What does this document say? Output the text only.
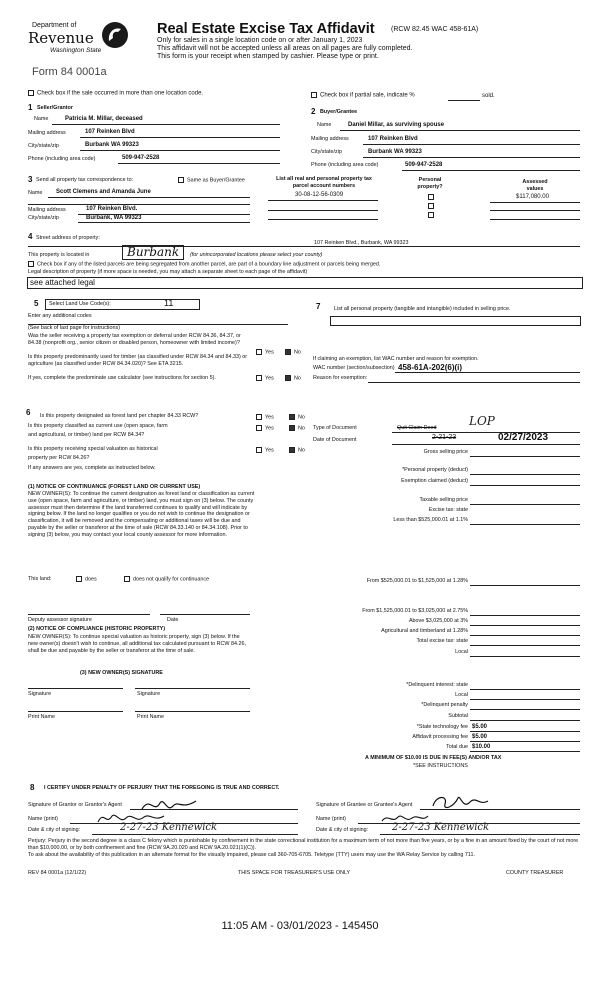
Department of
Revenue
Washington State
Form 84 0001a
Real Estate Excise Tax Affidavit (RCW 82.45 WAC 458-61A)
Only for sales in a single location code on or after January 1, 2023
This affidavit will not be accepted unless all areas on all pages are fully completed.
This form is your receipt when stamped by cashier. Please type or print.
Check box if the sale occurred in more than one location code.	Check box if partial sale, indicate %	sold.
1 Seller/Grantor
Name	Patricia M. Millar, deceased
Mailing address	107 Reinken Blvd
City/state/zip	Burbank WA 99323
Phone (including area code)	509-947-2528
2 Buyer/Grantee
Name	Daniel Millar, as surviving spouse
Mailing address	107 Reinken Blvd
City/state/zip	Burbank WA 99323
Phone (including area code)	509-947-2528
3 Send all property tax correspondence to:	Same as Buyer/Grantee
Name Scott Clemens and Amanda June
Mailing address	107 Reinken Blvd.
City/state/zip	Burbank, WA 99323
List all real and personal property tax
parcel account numbers
30-08-12-56-0309
Personal
property?
Assessed
values
$117,080.00
4 Street address of property:
107 Reinken Blvd., Burbank, WA 99323
This property is located in	Burbank	(for unincorporated locations please select your county)
Check box if any of the listed parcels are being segregated from another parcel, are part of a boundary line adjustment or parcels being merged.
Legal description of property (if more space is needed, you may attach a separate sheet to each page of the affidavit)
see attached legal
5	Select Land Use Code(s):	11
Enter any additional codes
(See back of last page for instructions)
Was the seller receiving a property tax exemption or deferral under RCW 84.36, 84.37, or 84.38 (nonprofit org., senior citizen or disabled person, homeowner with limited income)?
Is this property predominantly used for timber (as classified under RCW 84.34 and 84.33) or agriculture (as classified under RCW 84.34.020)? See ETA 3215.
If yes, complete the predominate use calculator (see instructions for section 5).
Yes	No
Yes	No
7	List all personal property (tangible and intangible) included in selling price.
If claiming an exemption, list WAC number and reason for exemption.
WAC number (section/subsection) 458-61A-202(6)(i)
Reason for exemption:
6 Is this property designated as forest land per chapter 84.33 RCW?
Is this property classified as current use (open space, farm
and agricultural, or timber) land per RCW 84.34?
Is this property receiving special valuation as historical
property per RCW 84.26?
If any answers are yes, complete as instructed below.
Yes	No
Yes	No
Yes	No
(1) NOTICE OF CONTINUANCE (FOREST LAND OR CURRENT USE)
NEW OWNER(S): To continue the current designation as forest land or classification as current use (open space, farm and agriculture, or timber) land, you must sign on (3) below. The county assessor must then determine if the land transferred continues to qualify and will indicate by signing below. If the land no longer qualifies or you do not wish to continue the designation or classification, it will be removed and the compensating or additional taxes will be due and payable by the seller or transferor at the time of sale (RCW 84.33.140 or 84.34.108). Prior to signing (3) below, you may contact your local county assessor for more information.
This land:	does	does not qualify for continuance
Deputy assessor signature	Date
(2) NOTICE OF COMPLIANCE (HISTORIC PROPERTY)
NEW OWNER(S): To continue special valuation as historic property, sign (3) below. If the new owner(s) doesn't wish to continue, all additional tax calculated pursuant to RCW 84.26, shall be due and payable by the seller or transferor at the time of sale.
(3) NEW OWNER(S) SIGNATURE
Signature	Signature
Print Name	Print Name
Type of Document	Quit Claim Deed	LOP
Date of Document	2-21-23	02/27/2023
Gross selling price
*Personal property (deduct)
Exemption claimed (deduct)
Taxable selling price
Excise tax: state
Less than $525,000.01 at 1.1%
From $525,000.01 to $1,525,000 at 1.28%
From $1,525,000.01 to $3,025,000 at 2.75%
Above $3,025,000 at 3%
Agricultural and timberland at 1.28%
Total excise tax: state
Local
*Delinquent interest: state
Local
*Delinquent penalty
Subtotal
*State technology fee $5.00
Affidavit processing fee $5.00
Total due $10.00
A MINIMUM OF $10.00 IS DUE IN FEE(S) AND/OR TAX
*SEE INSTRUCTIONS
8 I CERTIFY UNDER PENALTY OF PERJURY THAT THE FOREGOING IS TRUE AND CORRECT.
Signature of Grantor or Grantor's Agent
Name (print)
Date & city of signing:	2-27-23 Kennewick
Signature of Grantee or Grantee's Agent
Name (print)
Date & city of signing: 2-27-23 Kennewick
Perjury: Perjury in the second degree is a class C felony which is punishable by confinement in the state correctional institution for a maximum term of not more than five years, or by a fine in an amount fixed by the court of not more than $10,000.00, or by both confinement and fine (RCW 9A.20.020 and RCW 9A.20.021(1)(C)).
To ask about the availability of this publication in an alternate format for the visually impaired, please call 360-705-6705. Teletype (TTY) users may use the WA Relay Service by calling 711.
REV 84 0001a (12/1/22)	THIS SPACE FOR TREASURER'S USE ONLY	COUNTY TREASURER
11:05 AM - 03/01/2023 - 145450
